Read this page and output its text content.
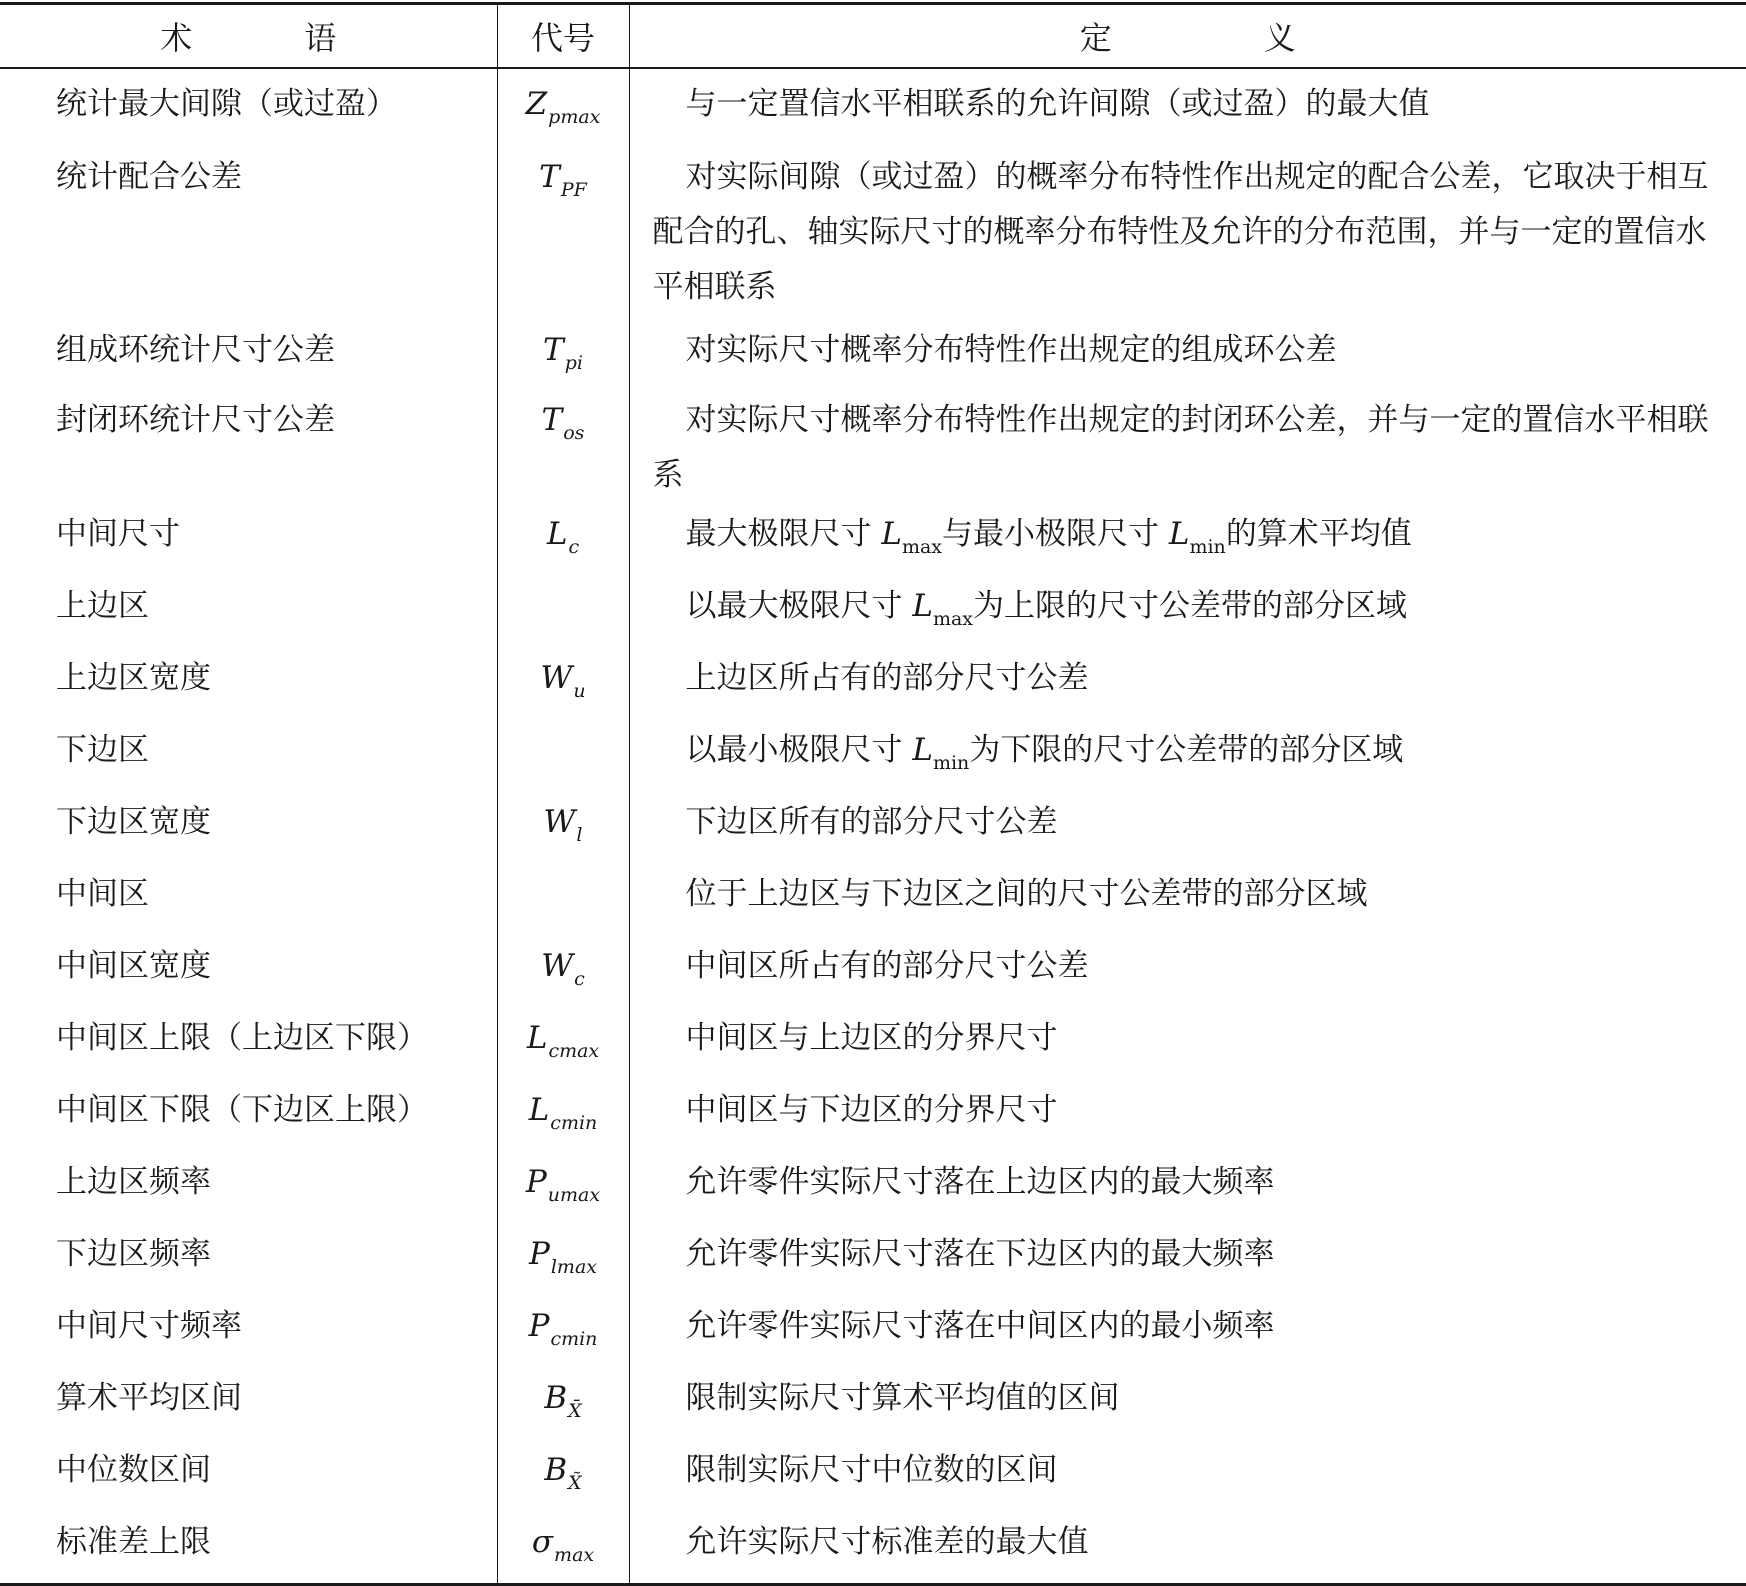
术　语	代号	定　义
统计最大间隙（或过盈）	$Z_{pmax}$	与一定置信水平相联系的允许间隙（或过盈）的最大值
统计配合公差	$T_{PF}$	对实际间隙（或过盈）的概率分布特性作出规定的配合公差，它取决于相互配合的孔、轴实际尺寸的概率分布特性及允许的分布范围，并与一定的置信水平相联系
组成环统计尺寸公差	$T_{pi}$	对实际尺寸概率分布特性作出规定的组成环公差
封闭环统计尺寸公差	$T_{os}$	对实际尺寸概率分布特性作出规定的封闭环公差，并与一定的置信水平相联系
中间尺寸	$L_c$	最大极限尺寸 $L_{max}$与最小极限尺寸 $L_{min}$的算术平均值
上边区		以最大极限尺寸 $L_{max}$为上限的尺寸公差带的部分区域
上边区宽度	$W_u$	上边区所占有的部分尺寸公差
下边区		以最小极限尺寸 $L_{min}$为下限的尺寸公差带的部分区域
下边区宽度	$W_l$	下边区所有的部分尺寸公差
中间区		位于上边区与下边区之间的尺寸公差带的部分区域
中间区宽度	$W_c$	中间区所占有的部分尺寸公差
中间区上限（上边区下限）	$L_{cmax}$	中间区与上边区的分界尺寸
中间区下限（下边区上限）	$L_{cmin}$	中间区与下边区的分界尺寸
上边区频率	$P_{umax}$	允许零件实际尺寸落在上边区内的最大频率
下边区频率	$P_{lmax}$	允许零件实际尺寸落在下边区内的最大频率
中间尺寸频率	$P_{cmin}$	允许零件实际尺寸落在中间区内的最小频率
算术平均区间	$B_{X̄}$	限制实际尺寸算术平均值的区间
中位数区间	$B_{X̃}$	限制实际尺寸中位数的区间
标准差上限	$\sigma_{max}$	允许实际尺寸标准差的最大值
